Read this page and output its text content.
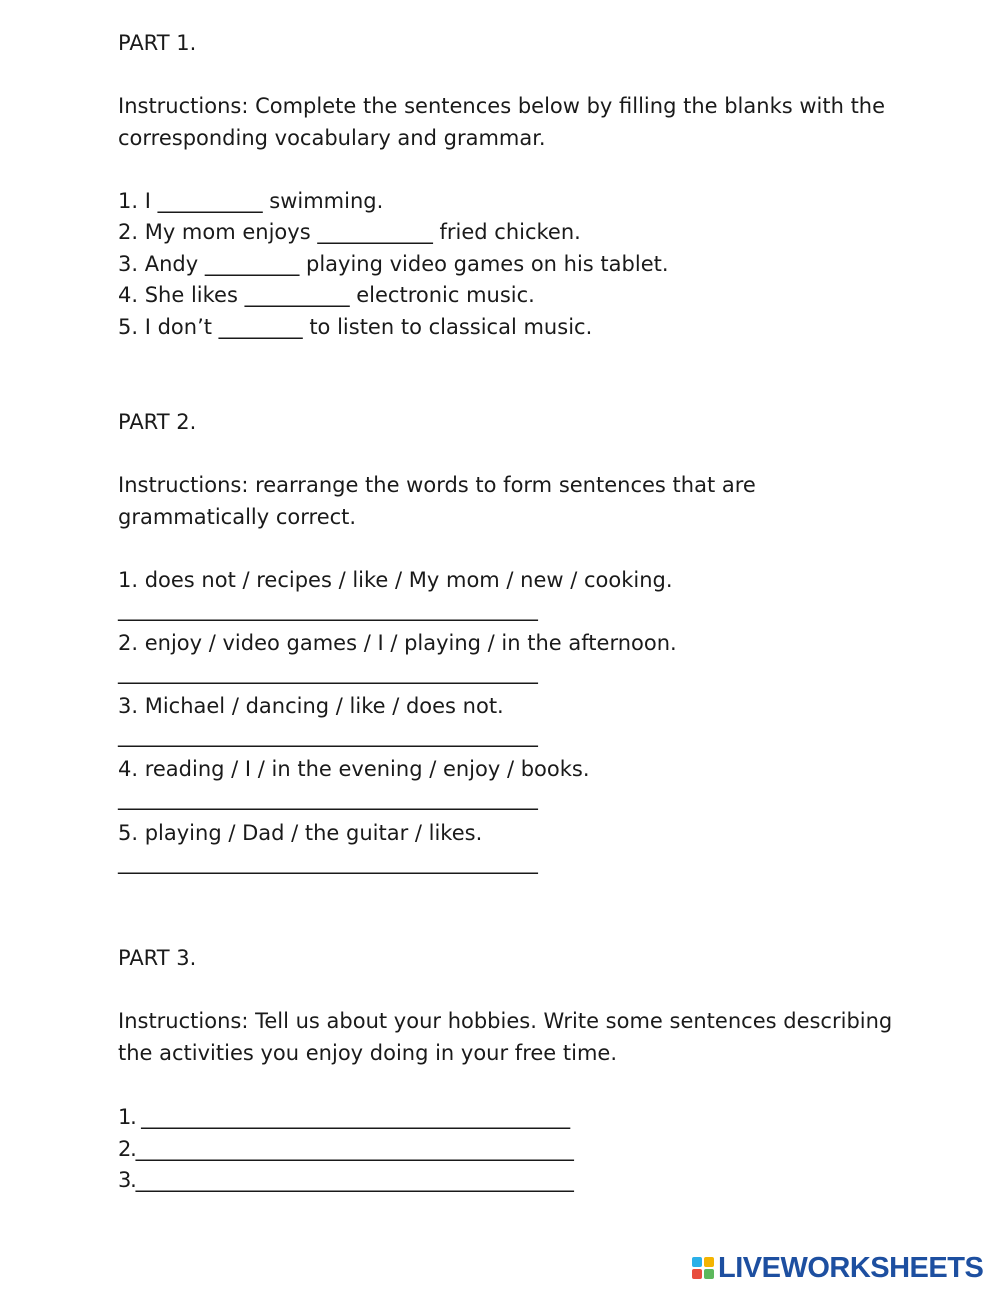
PART 1.

Instructions: Complete the sentences below by filling the blanks with the

corresponding vocabulary and grammar.

1. I __________ swimming.

2. My mom enjoys ___________ fried chicken.

3. Andy _________ playing video games on his tablet.

4. She likes __________ electronic music.

5. I don’t ________ to listen to classical music.

PART 2.

Instructions: rearrange the words to form sentences that are

grammatically correct.

1. does not / recipes / like / My mom / new / cooking.

_______________________________________________

2. enjoy / video games / I / playing / in the afternoon.

_______________________________________________

3. Michael / dancing / like / does not.

_______________________________________________

4. reading / I / in the evening / enjoy / books.

_______________________________________________

5. playing / Dad / the guitar / likes.

_______________________________________________

PART 3.

Instructions: Tell us about your hobbies. Write some sentences describing

the activities you enjoy doing in your free time.

1. ______________________________________________

2._______________________________________________

3._______________________________________________

LIVEWORKSHEETS
